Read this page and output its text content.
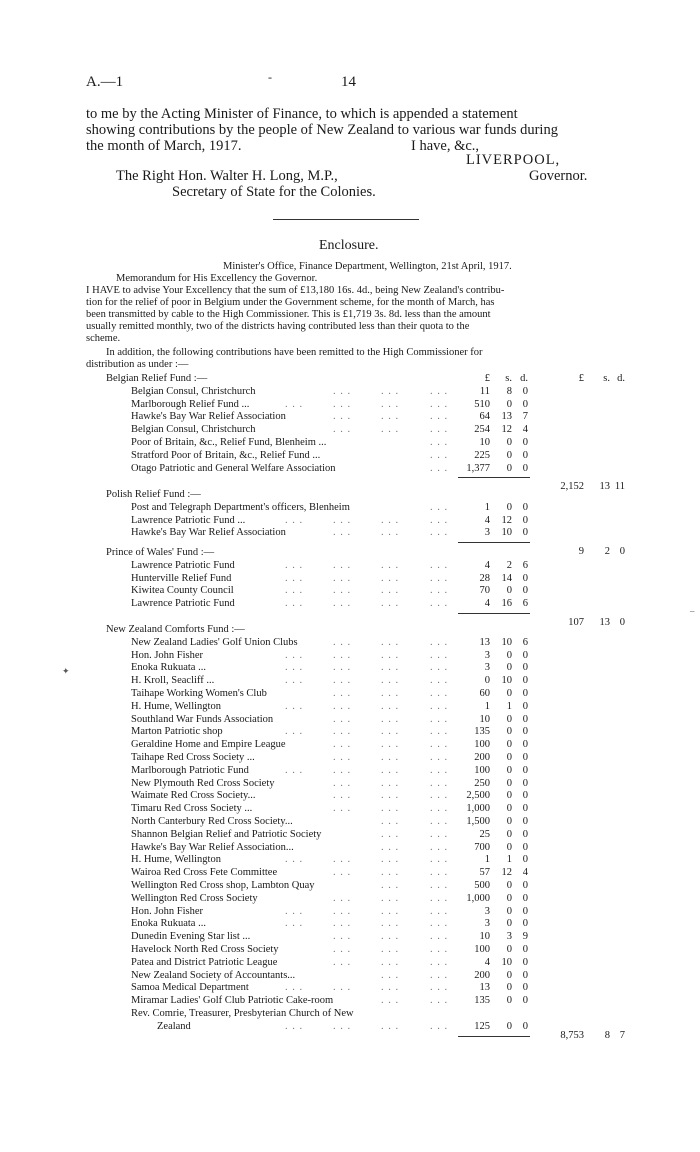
A.—1	-	14
to me by the Acting Minister of Finance, to which is appended a statement
showing contributions by the people of New Zealand to various war funds during
the month of March, 1917.	I have, &c.,
LIVERPOOL,
The Right Hon. Walter H. Long, M.P.,	Governor.
Secretary of State for the Colonies.
Enclosure.
Minister's Office, Finance Department, Wellington, 21st April, 1917.
Memorandum for His Excellency the Governor.
I HAVE to advise Your Excellency that the sum of £13,180 16s. 4d., being New Zealand's contribu-
tion for the relief of poor in Belgium under the Government scheme, for the month of March, has
been transmitted by cable to the High Commissioner. This is £1,719 3s. 8d. less than the amount
usually remitted monthly, two of the districts having contributed less than their quota to the
scheme.
In addition, the following contributions have been remitted to the High Commissioner for
distribution as under :—
£ s. d.	£ s. d.
Belgian Relief Fund :—
Belgian Consul, Christchurch	. . .	. . .	. . .	11 8 0
Marlborough Relief Fund ...	. . .	. . .	. . .	. . . 510 0 0
Hawke's Bay War Relief Association	. . .	. . .	. . .	64 13 7
Belgian Consul, Christchurch	. . .	. . .	. . . 254 12 4
Poor of Britain, &c., Relief Fund, Blenheim ...	. . .	10 0 0
Stratford Poor of Britain, &c., Relief Fund ...	. . . 225 0 0
Otago Patriotic and General Welfare Association	. . . 1,377 0 0
2,152 13 11
Polish Relief Fund :—
Post and Telegraph Department's officers, Blenheim	. . .	1 0 0
Lawrence Patriotic Fund ...	. . .	. . .	. . .	. . .	4 12 0
Hawke's Bay War Relief Association	. . .	. . .	. . .	3 10 0
9 2 0
Prince of Wales' Fund :—
Lawrence Patriotic Fund	. . .	. . .	. . .	. . .	4 2 6
Hunterville Relief Fund	. . .	. . .	. . .	. . .	28 14 0
Kiwitea County Council	. . .	. . .	. . .	. . .	70 0 0
Lawrence Patriotic Fund	. . .	. . .	. . .	. . .	4 16 6
107 13 0
New Zealand Comforts Fund :—
New Zealand Ladies' Golf Union Clubs	. . .	. . .	. . .	13 10 6
Hon. John Fisher	. . .	. . .	. . .	. . .	3 0 0
Enoka Rukuata ...	. . .	. . .	. . .	. . .	3 0 0
H. Kroll, Seacliff ...	. . .	. . .	. . .	. . .	0 10 0
Taihape Working Women's Club	. . .	. . .	. . .	60 0 0
H. Hume, Wellington	. . .	. . .	. . .	. . .	1 1 0
Southland War Funds Association	. . .	. . .	. . .	10 0 0
Marton Patriotic shop	. . .	. . .	. . .	. . . 135 0 0
Geraldine Home and Empire League	. . .	. . .	. . . 100 0 0
Taihape Red Cross Society ...	. . .	. . .	. . . 200 0 0
Marlborough Patriotic Fund	. . .	. . .	. . .	. . . 100 0 0
New Plymouth Red Cross Society	. . .	. . .	. . . 250 0 0
Waimate Red Cross Society...	. . .	. . .	. . . 2,500 0 0
Timaru Red Cross Society ...	. . .	. . .	. . . 1,000 0 0
North Canterbury Red Cross Society...	. . .	. . . 1,500 0 0
Shannon Belgian Relief and Patriotic Society	. . .	. . .	25 0 0
Hawke's Bay War Relief Association...	. . .	. . . 700 0 0
H. Hume, Wellington	. . .	. . .	. . .	. . .	1 1 0
Wairoa Red Cross Fete Committee	. . .	. . .	. . .	57 12 4
Wellington Red Cross shop, Lambton Quay	. . .	. . . 500 0 0
Wellington Red Cross Society	. . .	. . .	. . . 1,000 0 0
Hon. John Fisher	. . .	. . .	. . .	. . .	3 0 0
Enoka Rukuata ...	. . .	. . .	. . .	. . .	3 0 0
Dunedin Evening Star list ...	. . .	. . .	. . .	10 3 9
Havelock North Red Cross Society	. . .	. . .	. . . 100 0 0
Patea and District Patriotic League	. . .	. . .	. . .	4 10 0
New Zealand Society of Accountants...	. . .	. . . 200 0 0
Samoa Medical Department	. . .	. . .	. . .	. . .	13 0 0
Miramar Ladies' Golf Club Patriotic Cake-room	. . .	. . . 135 0 0
Rev. Comrie, Treasurer, Presbyterian Church of New
Zealand	. . .	. . .	. . .	. . . 125 0 0
8,753 8 7
✦
–
